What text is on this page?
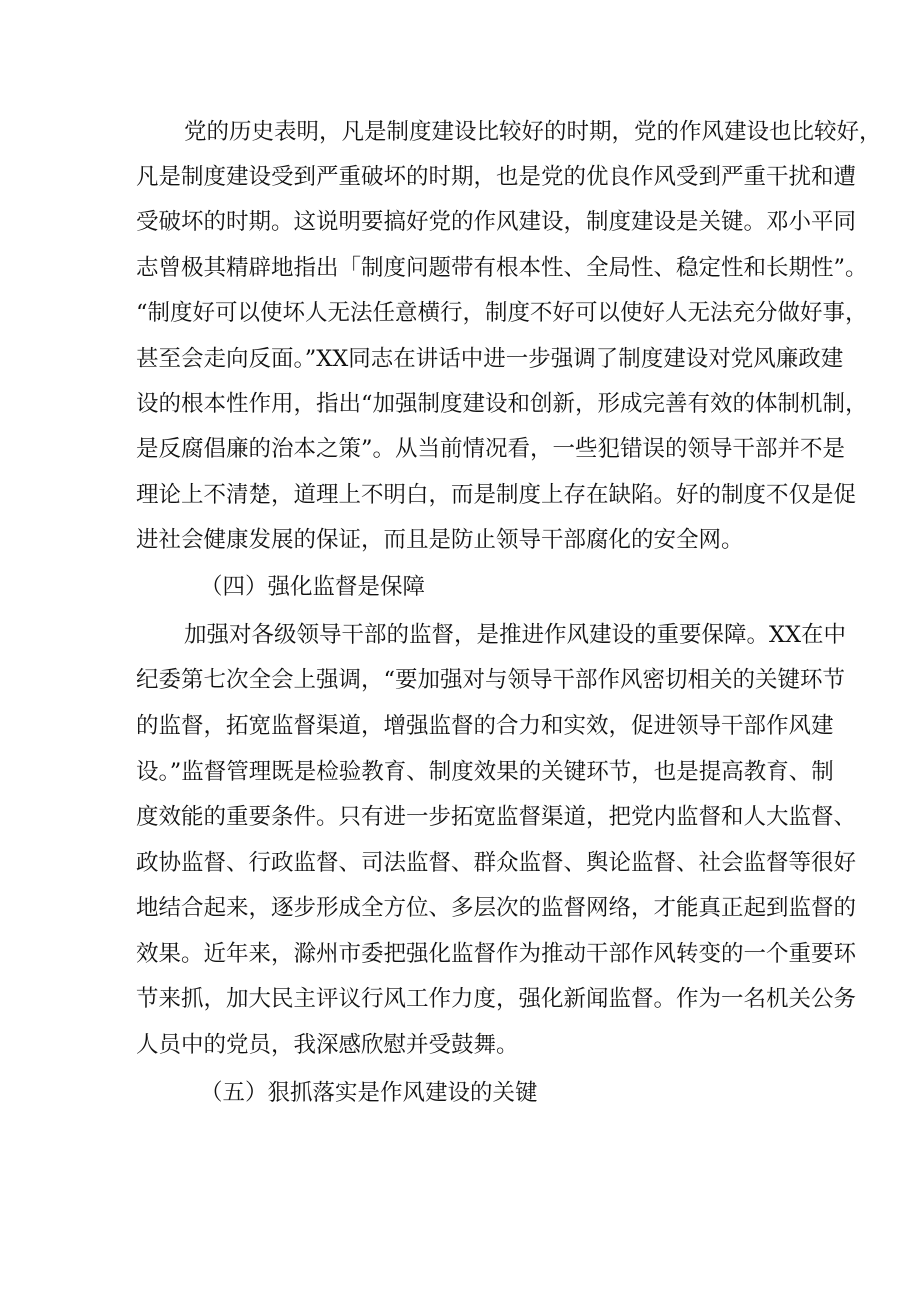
党的历史表明，凡是制度建设比较好的时期，党的作风建设也比较好，
凡是制度建设受到严重破坏的时期，也是党的优良作风受到严重干扰和遭
受破坏的时期。这说明要搞好党的作风建设，制度建设是关键。邓小平同
志曾极其精辟地指出「制度问题带有根本性、全局性、稳定性和长期性”。
“制度好可以使坏人无法任意横行，制度不好可以使好人无法充分做好事，
甚至会走向反面。”XX同志在讲话中进一步强调了制度建设对党风廉政建
设的根本性作用，指出“加强制度建设和创新，形成完善有效的体制机制，
是反腐倡廉的治本之策”。从当前情况看，一些犯错误的领导干部并不是
理论上不清楚，道理上不明白，而是制度上存在缺陷。好的制度不仅是促
进社会健康发展的保证，而且是防止领导干部腐化的安全网。
（四）强化监督是保障
加强对各级领导干部的监督，是推进作风建设的重要保障。XX在中
纪委第七次全会上强调，“要加强对与领导干部作风密切相关的关键环节
的监督，拓宽监督渠道，增强监督的合力和实效，促进领导干部作风建
设。”监督管理既是检验教育、制度效果的关键环节，也是提高教育、制
度效能的重要条件。只有进一步拓宽监督渠道，把党内监督和人大监督、
政协监督、行政监督、司法监督、群众监督、舆论监督、社会监督等很好
地结合起来，逐步形成全方位、多层次的监督网络，才能真正起到监督的
效果。近年来，滁州市委把强化监督作为推动干部作风转变的一个重要环
节来抓，加大民主评议行风工作力度，强化新闻监督。作为一名机关公务
人员中的党员，我深感欣慰并受鼓舞。
（五）狠抓落实是作风建设的关键
